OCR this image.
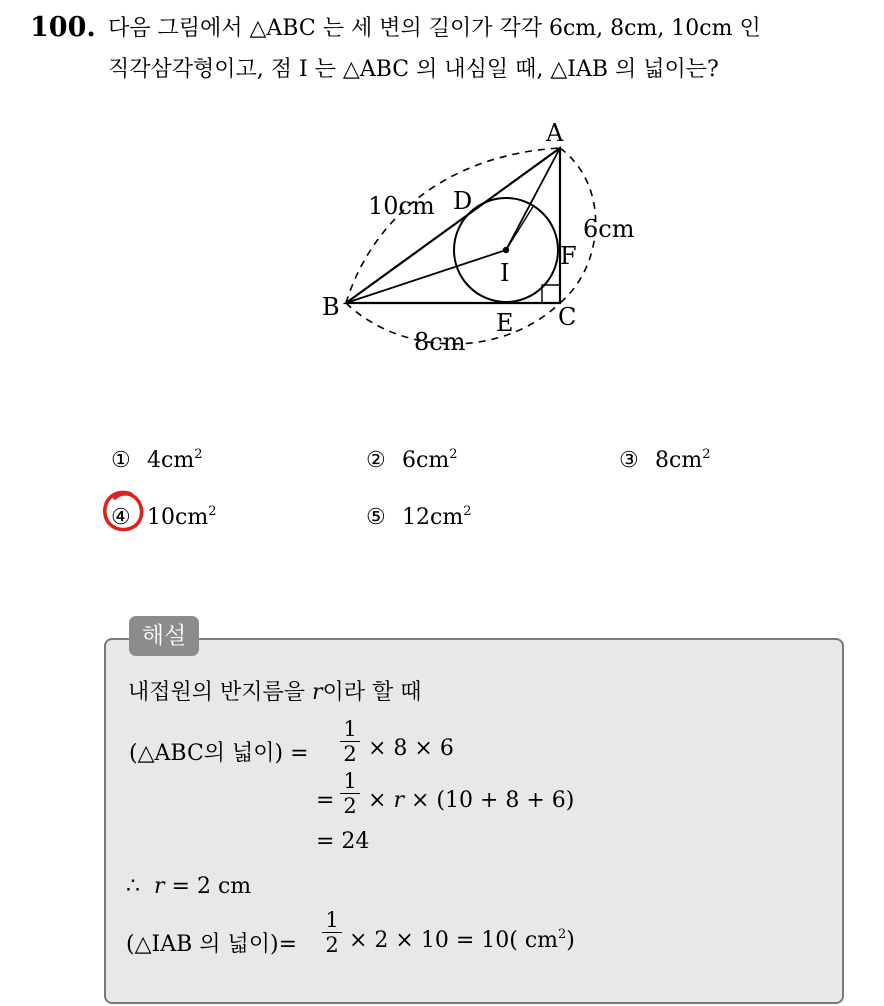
100. 다음 그림에서 △ABC 는 세 변의 길이가 각각 6cm, 8cm, 10cm 인
직각삼각형이고, 점 I 는 △ABC 의 내심일 때, △IAB 의 넓이는?
A
B	C
D
E
F
I
10cm
6cm
8cm
① $4cm^2$	② $6cm^2$	③ $8cm^2$
④ $10cm^2$	⑤ $12cm^2$
해설
내접원의 반지름을 r이라 할 때
(△ABC의 넓이) =
1
2 × 8 × 6
=
1
2 × r × (10 + 8 + 6)
= 24
∴ r = 2 cm
(△IAB 의 넓이)=
1
2 × 2 × 10 = 10( $cm^2$)
